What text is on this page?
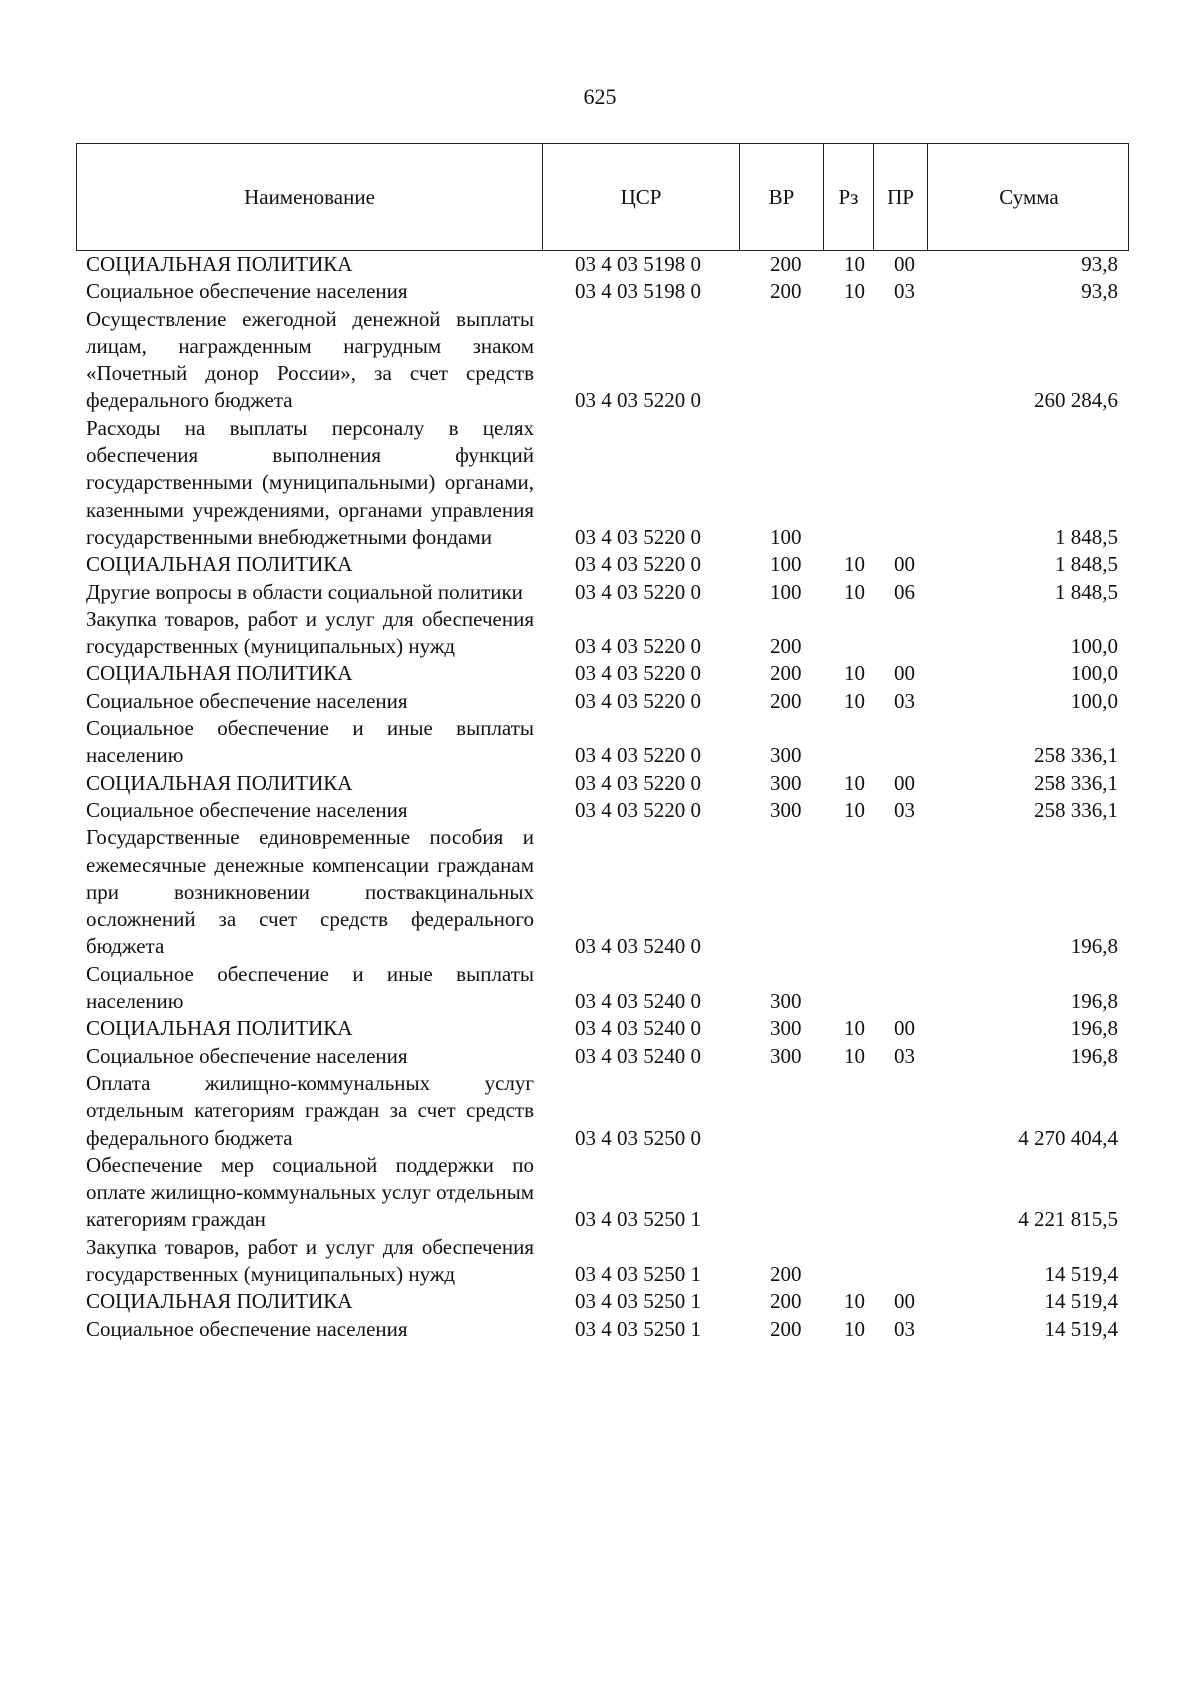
625
Наименование	ЦСР	ВР	Рз	ПР	Сумма
СОЦИАЛЬНАЯ ПОЛИТИКА	03 4 03 5198 0	200 10 00	93,8
Социальное обеспечение населения	03 4 03 5198 0	200 10 03	93,8
Осуществление ежегодной денежной выплаты лицам, награжденным нагрудным знаком «Почетный донор России», за счет средств федерального бюджета	03 4 03 5220 0	260 284,6
Расходы на выплаты персоналу в целях обеспечения выполнения функций государственными (муниципальными) органами, казенными учреждениями, органами управления государственными внебюджетными фондами	03 4 03 5220 0	100	1 848,5
СОЦИАЛЬНАЯ ПОЛИТИКА	03 4 03 5220 0	100 10 00	1 848,5
Другие вопросы в области социальной политики	03 4 03 5220 0	100 10 06	1 848,5
Закупка товаров, работ и услуг для обеспечения государственных (муниципальных) нужд	03 4 03 5220 0	200	100,0
СОЦИАЛЬНАЯ ПОЛИТИКА	03 4 03 5220 0	200 10 00	100,0
Социальное обеспечение населения	03 4 03 5220 0	200 10 03	100,0
Социальное обеспечение и иные выплаты населению	03 4 03 5220 0	300	258 336,1
СОЦИАЛЬНАЯ ПОЛИТИКА	03 4 03 5220 0	300 10 00	258 336,1
Социальное обеспечение населения	03 4 03 5220 0	300 10 03	258 336,1
Государственные единовременные пособия и ежемесячные денежные компенсации гражданам при возникновении поствакцинальных осложнений за счет средств федерального бюджета	03 4 03 5240 0	196,8
Социальное обеспечение и иные выплаты населению	03 4 03 5240 0	300	196,8
СОЦИАЛЬНАЯ ПОЛИТИКА	03 4 03 5240 0	300 10 00	196,8
Социальное обеспечение населения	03 4 03 5240 0	300 10 03	196,8
Оплата жилищно-коммунальных услуг отдельным категориям граждан за счет средств федерального бюджета	03 4 03 5250 0	4 270 404,4
Обеспечение мер социальной поддержки по оплате жилищно-коммунальных услуг отдельным категориям граждан	03 4 03 5250 1	4 221 815,5
Закупка товаров, работ и услуг для обеспечения государственных (муниципальных) нужд	03 4 03 5250 1	200	14 519,4
СОЦИАЛЬНАЯ ПОЛИТИКА	03 4 03 5250 1	200 10 00	14 519,4
Социальное обеспечение населения	03 4 03 5250 1	200 10 03	14 519,4
